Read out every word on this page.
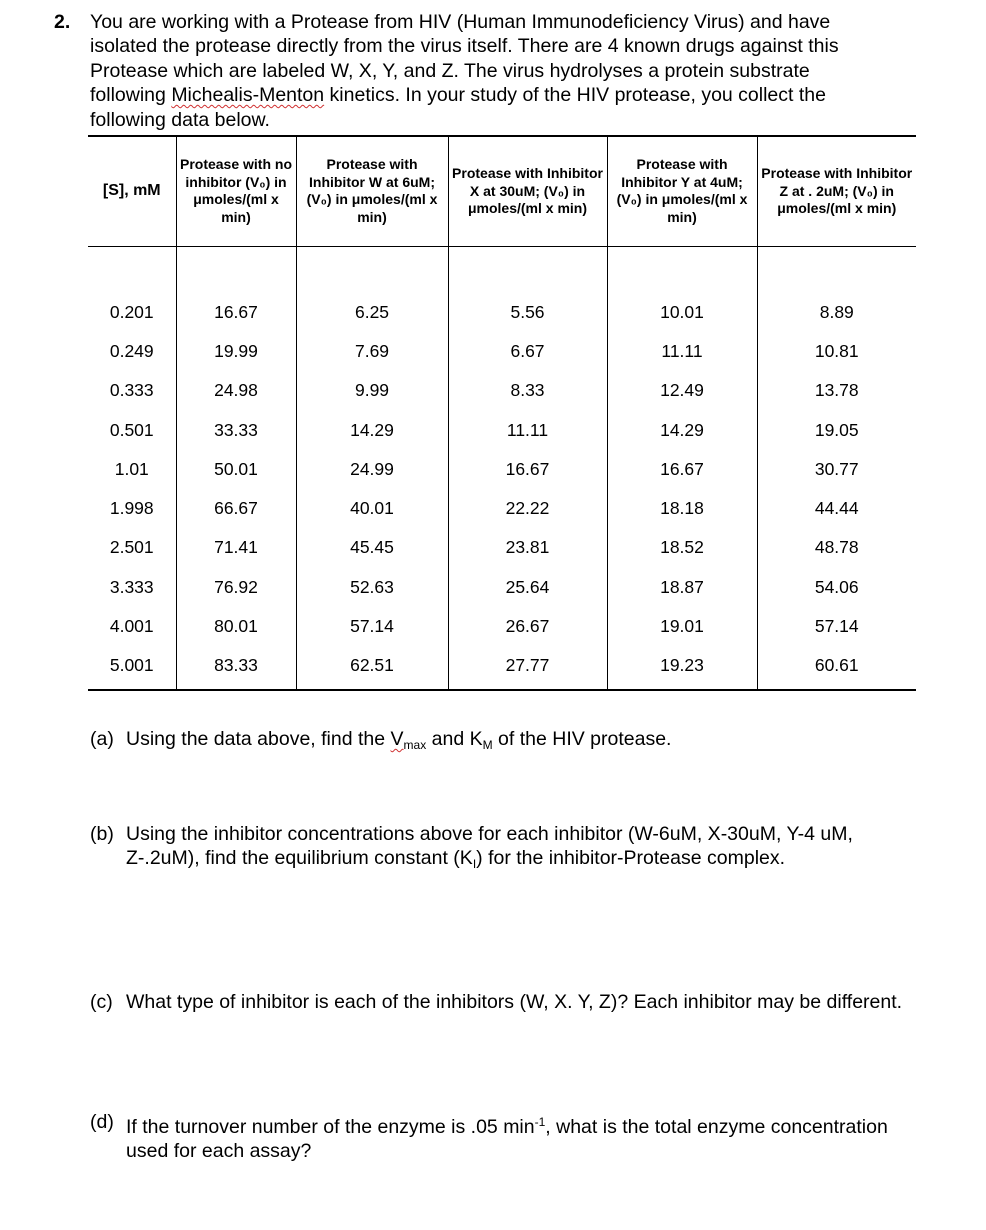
2. You are working with a Protease from HIV (Human Immunodeficiency Virus) and have isolated the protease directly from the virus itself. There are 4 known drugs against this Protease which are labeled W, X, Y, and Z. The virus hydrolyses a protein substrate following Michealis-Menton kinetics. In your study of the HIV protease, you collect the following data below.
[S], mM	Protease with no inhibitor (V₀) in μmoles/(ml x min)	Protease with Inhibitor W at 6uM; (V₀) in μmoles/(ml x min)	Protease with Inhibitor X at 30uM; (V₀) in μmoles/(ml x min)	Protease with Inhibitor Y at 4uM; (V₀) in μmoles/(ml x min)	Protease with Inhibitor Z at . 2uM; (V₀) in μmoles/(ml x min)

0.201	16.67	6.25	5.56	10.01	8.89
0.249	19.99	7.69	6.67	11.11	10.81
0.333	24.98	9.99	8.33	12.49	13.78
0.501	33.33	14.29	11.11	14.29	19.05
1.01	50.01	24.99	16.67	16.67	30.77
1.998	66.67	40.01	22.22	18.18	44.44
2.501	71.41	45.45	23.81	18.52	48.78
3.333	76.92	52.63	25.64	18.87	54.06
4.001	80.01	57.14	26.67	19.01	57.14
5.001	83.33	62.51	27.77	19.23	60.61
(a) Using the data above, find the $V_{max}$ and $K_M$ of the HIV protease.
(b) Using the inhibitor concentrations above for each inhibitor (W-6uM, X-30uM, Y-4 uM, Z-.2uM), find the equilibrium constant $(K_I)$ for the inhibitor-Protease complex.
(c) What type of inhibitor is each of the inhibitors (W, X. Y, Z)? Each inhibitor may be different.
(d) If the turnover number of the enzyme is .05 $\min^{-1}$, what is the total enzyme concentration used for each assay?
